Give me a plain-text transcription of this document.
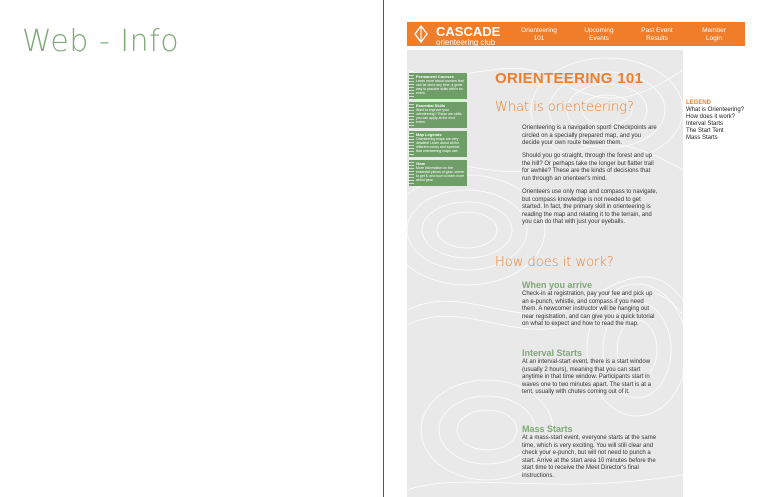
Web - Info	CASCADE
orienteering club
Orienteering
101
Upcoming
Events
Past Event
Results
Member
Login
Permanent Courses
Learn more about courses that can be done any time, a great way to practice skills within an event.
Essential Skills
Want to improve your orienteering? These are skills you can apply at the next event.
Map Legends
Orienteering maps are very detailed! Learn about all the different colors and symbols that orienteering maps use.
Gear
More information on the essential pieces of gear, where to get it, and how to learn more about gear.
ORIENTEERING 101
What is orienteering?
Orienteering is a navigation sport! Checkpoints are circled on a specially prepared map, and you decide your own route between them.
Should you go straight, through the forest and up the hill? Or perhaps take the longer but flatter trail for awhile? These are the kinds of decisions that run through an orienteer's mind.
Orienteers use only map and compass to navigate, but compass knowledge is not needed to get started. In fact, the primary skill in orienteering is reading the map and relating it to the terrain, and you can do that with just your eyeballs.
How does it work?
When you arrive
Check-in at registration, pay your fee and pick up an e-punch, whistle, and compass if you need them. A newcomer instructor will be hanging out near registration, and can give you a quick tutorial on what to expect and how to read the map.
Interval Starts
At an interval-start event, there is a start window (usually 2 hours), meaning that you can start anytime in that time window. Participants start in waves one to two minutes apart. The start is at a tent, usually with chutes coming out of it.
Mass Starts
At a mass-start event, everyone starts at the same time, which is very exciting. You will still clear and check your e-punch, but will not need to punch a start. Arrive at the start area 10 minutes before the start time to receive the Meet Director's final instructions.
LEGEND
What is Orienteering?
How does it work?
Interval Starts
The Start Tent
Mass Starts
